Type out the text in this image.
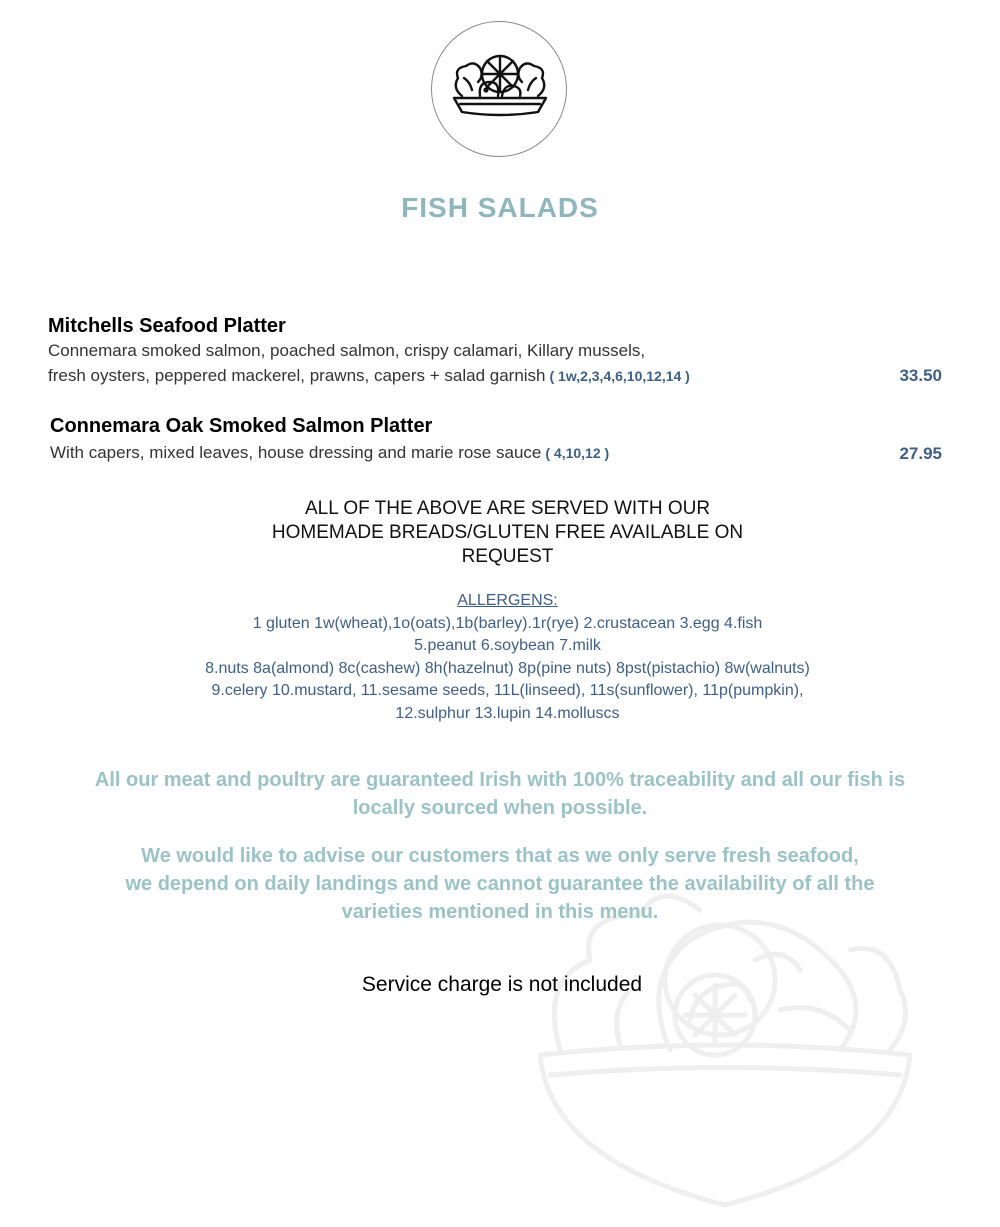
FISH SALADS
Mitchells Seafood Platter
Connemara smoked salmon, poached salmon, crispy calamari, Killary mussels,
fresh oysters, peppered mackerel, prawns, capers + salad garnish ( 1w,2,3,4,6,10,12,14 )	33.50
Connemara Oak Smoked Salmon Platter
With capers, mixed leaves, house dressing and marie rose sauce ( 4,10,12 )	27.95
ALL OF THE ABOVE ARE SERVED WITH OUR
HOMEMADE BREADS/GLUTEN FREE AVAILABLE ON
REQUEST
ALLERGENS:
1 gluten 1w(wheat),1o(oats),1b(barley).1r(rye) 2.crustacean 3.egg 4.fish
5.peanut 6.soybean 7.milk
8.nuts 8a(almond) 8c(cashew) 8h(hazelnut) 8p(pine nuts) 8pst(pistachio) 8w(walnuts)
9.celery 10.mustard, 11.sesame seeds, 11L(linseed), 11s(sunflower), 11p(pumpkin),
12.sulphur 13.lupin 14.molluscs
All our meat and poultry are guaranteed Irish with 100% traceability and all our fish is
locally sourced when possible.
We would like to advise our customers that as we only serve fresh seafood,
we depend on daily landings and we cannot guarantee the availability of all the
varieties mentioned in this menu.
Service charge is not included
